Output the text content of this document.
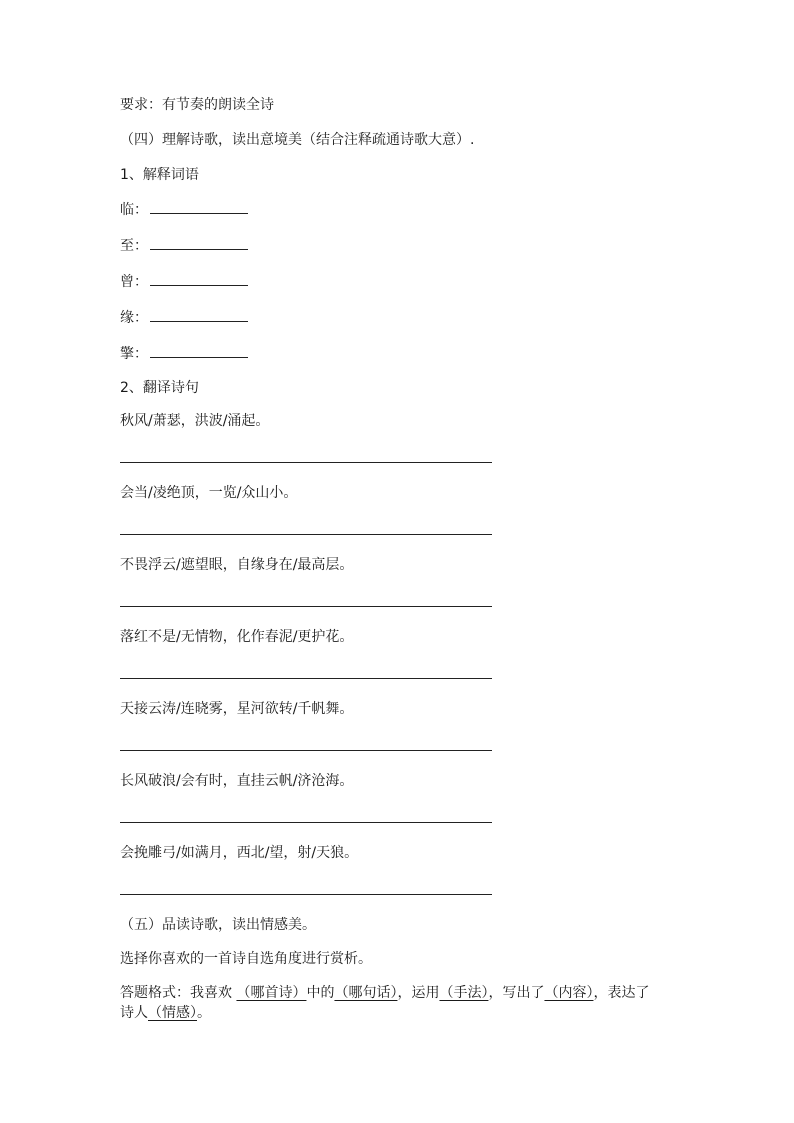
要求：有节奏的朗读全诗
（四）理解诗歌，读出意境美（结合注释疏通诗歌大意）.
1、解释词语
临：
至：
曾：
缘：
擎：
2、翻译诗句
秋风/萧瑟，洪波/涌起。
会当/凌绝顶，一览/众山小。
不畏浮云/遮望眼，自缘身在/最高层。
落红不是/无情物，化作春泥/更护花。
天接云涛/连晓雾，星河欲转/千帆舞。
长风破浪/会有时，直挂云帆/济沧海。
会挽雕弓/如满月，西北/望，射/天狼。
（五）品读诗歌，读出情感美。
选择你喜欢的一首诗自选角度进行赏析。
答题格式：我喜欢 （哪首诗）中的（哪句话），运用（手法），写出了（内容），表达了
诗人（情感）。
